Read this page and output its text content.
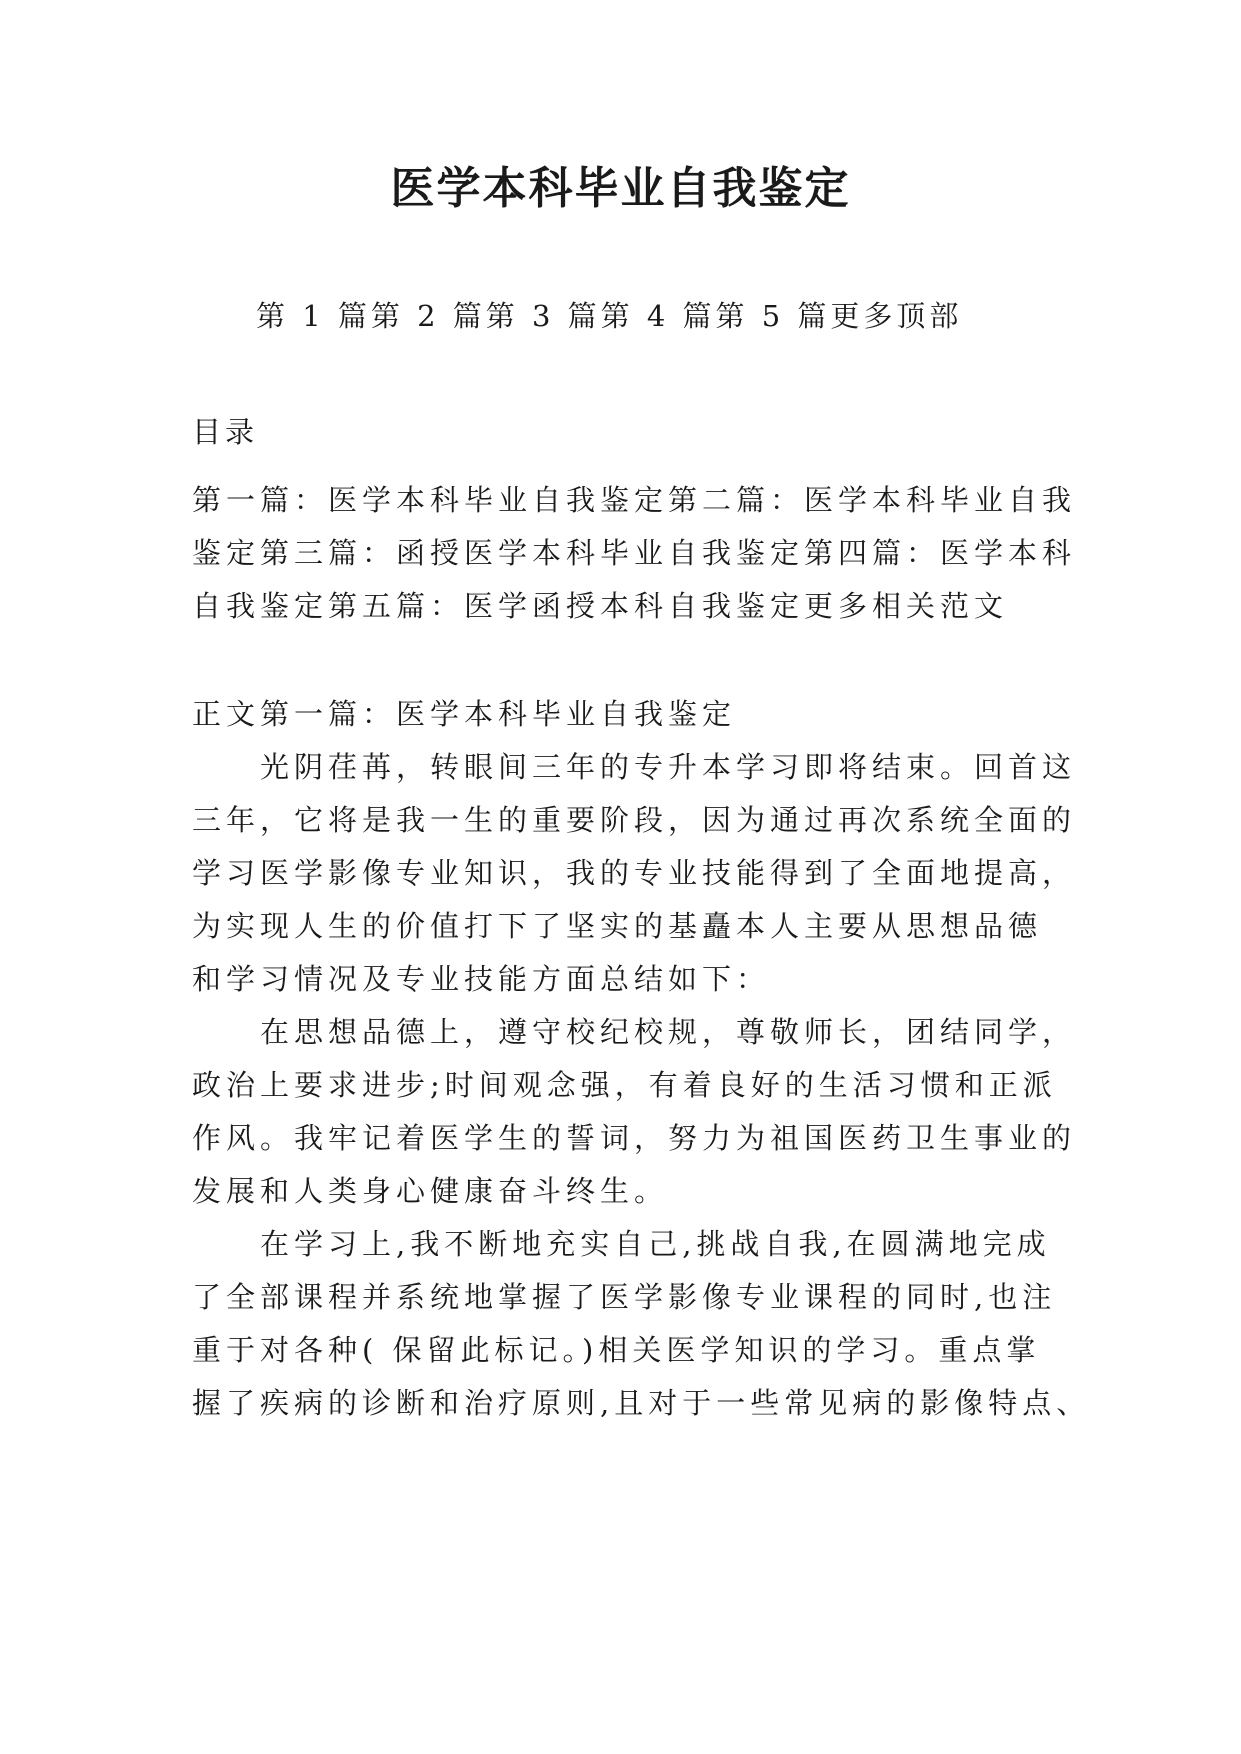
医学本科毕业自我鉴定
第 1 篇第 2 篇第 3 篇第 4 篇第 5 篇更多顶部
目录
第一篇：医学本科毕业自我鉴定第二篇：医学本科毕业自我
鉴定第三篇：函授医学本科毕业自我鉴定第四篇：医学本科
自我鉴定第五篇：医学函授本科自我鉴定更多相关范文
正文第一篇：医学本科毕业自我鉴定
　　光阴荏苒，转眼间三年的专升本学习即将结束。回首这
三年，它将是我一生的重要阶段，因为通过再次系统全面的
学习医学影像专业知识，我的专业技能得到了全面地提高，
为实现人生的价值打下了坚实的基矗本人主要从思想品德
和学习情况及专业技能方面总结如下：
　　在思想品德上，遵守校纪校规，尊敬师长，团结同学，
政治上要求进步;时间观念强，有着良好的生活习惯和正派
作风。我牢记着医学生的誓词，努力为祖国医药卫生事业的
发展和人类身心健康奋斗终生。
　　在学习上,我不断地充实自己,挑战自我,在圆满地完成
了全部课程并系统地掌握了医学影像专业课程的同时,也注
重于对各种( 保留此标记。)相关医学知识的学习。重点掌
握了疾病的诊断和治疗原则,且对于一些常见病的影像特点、
